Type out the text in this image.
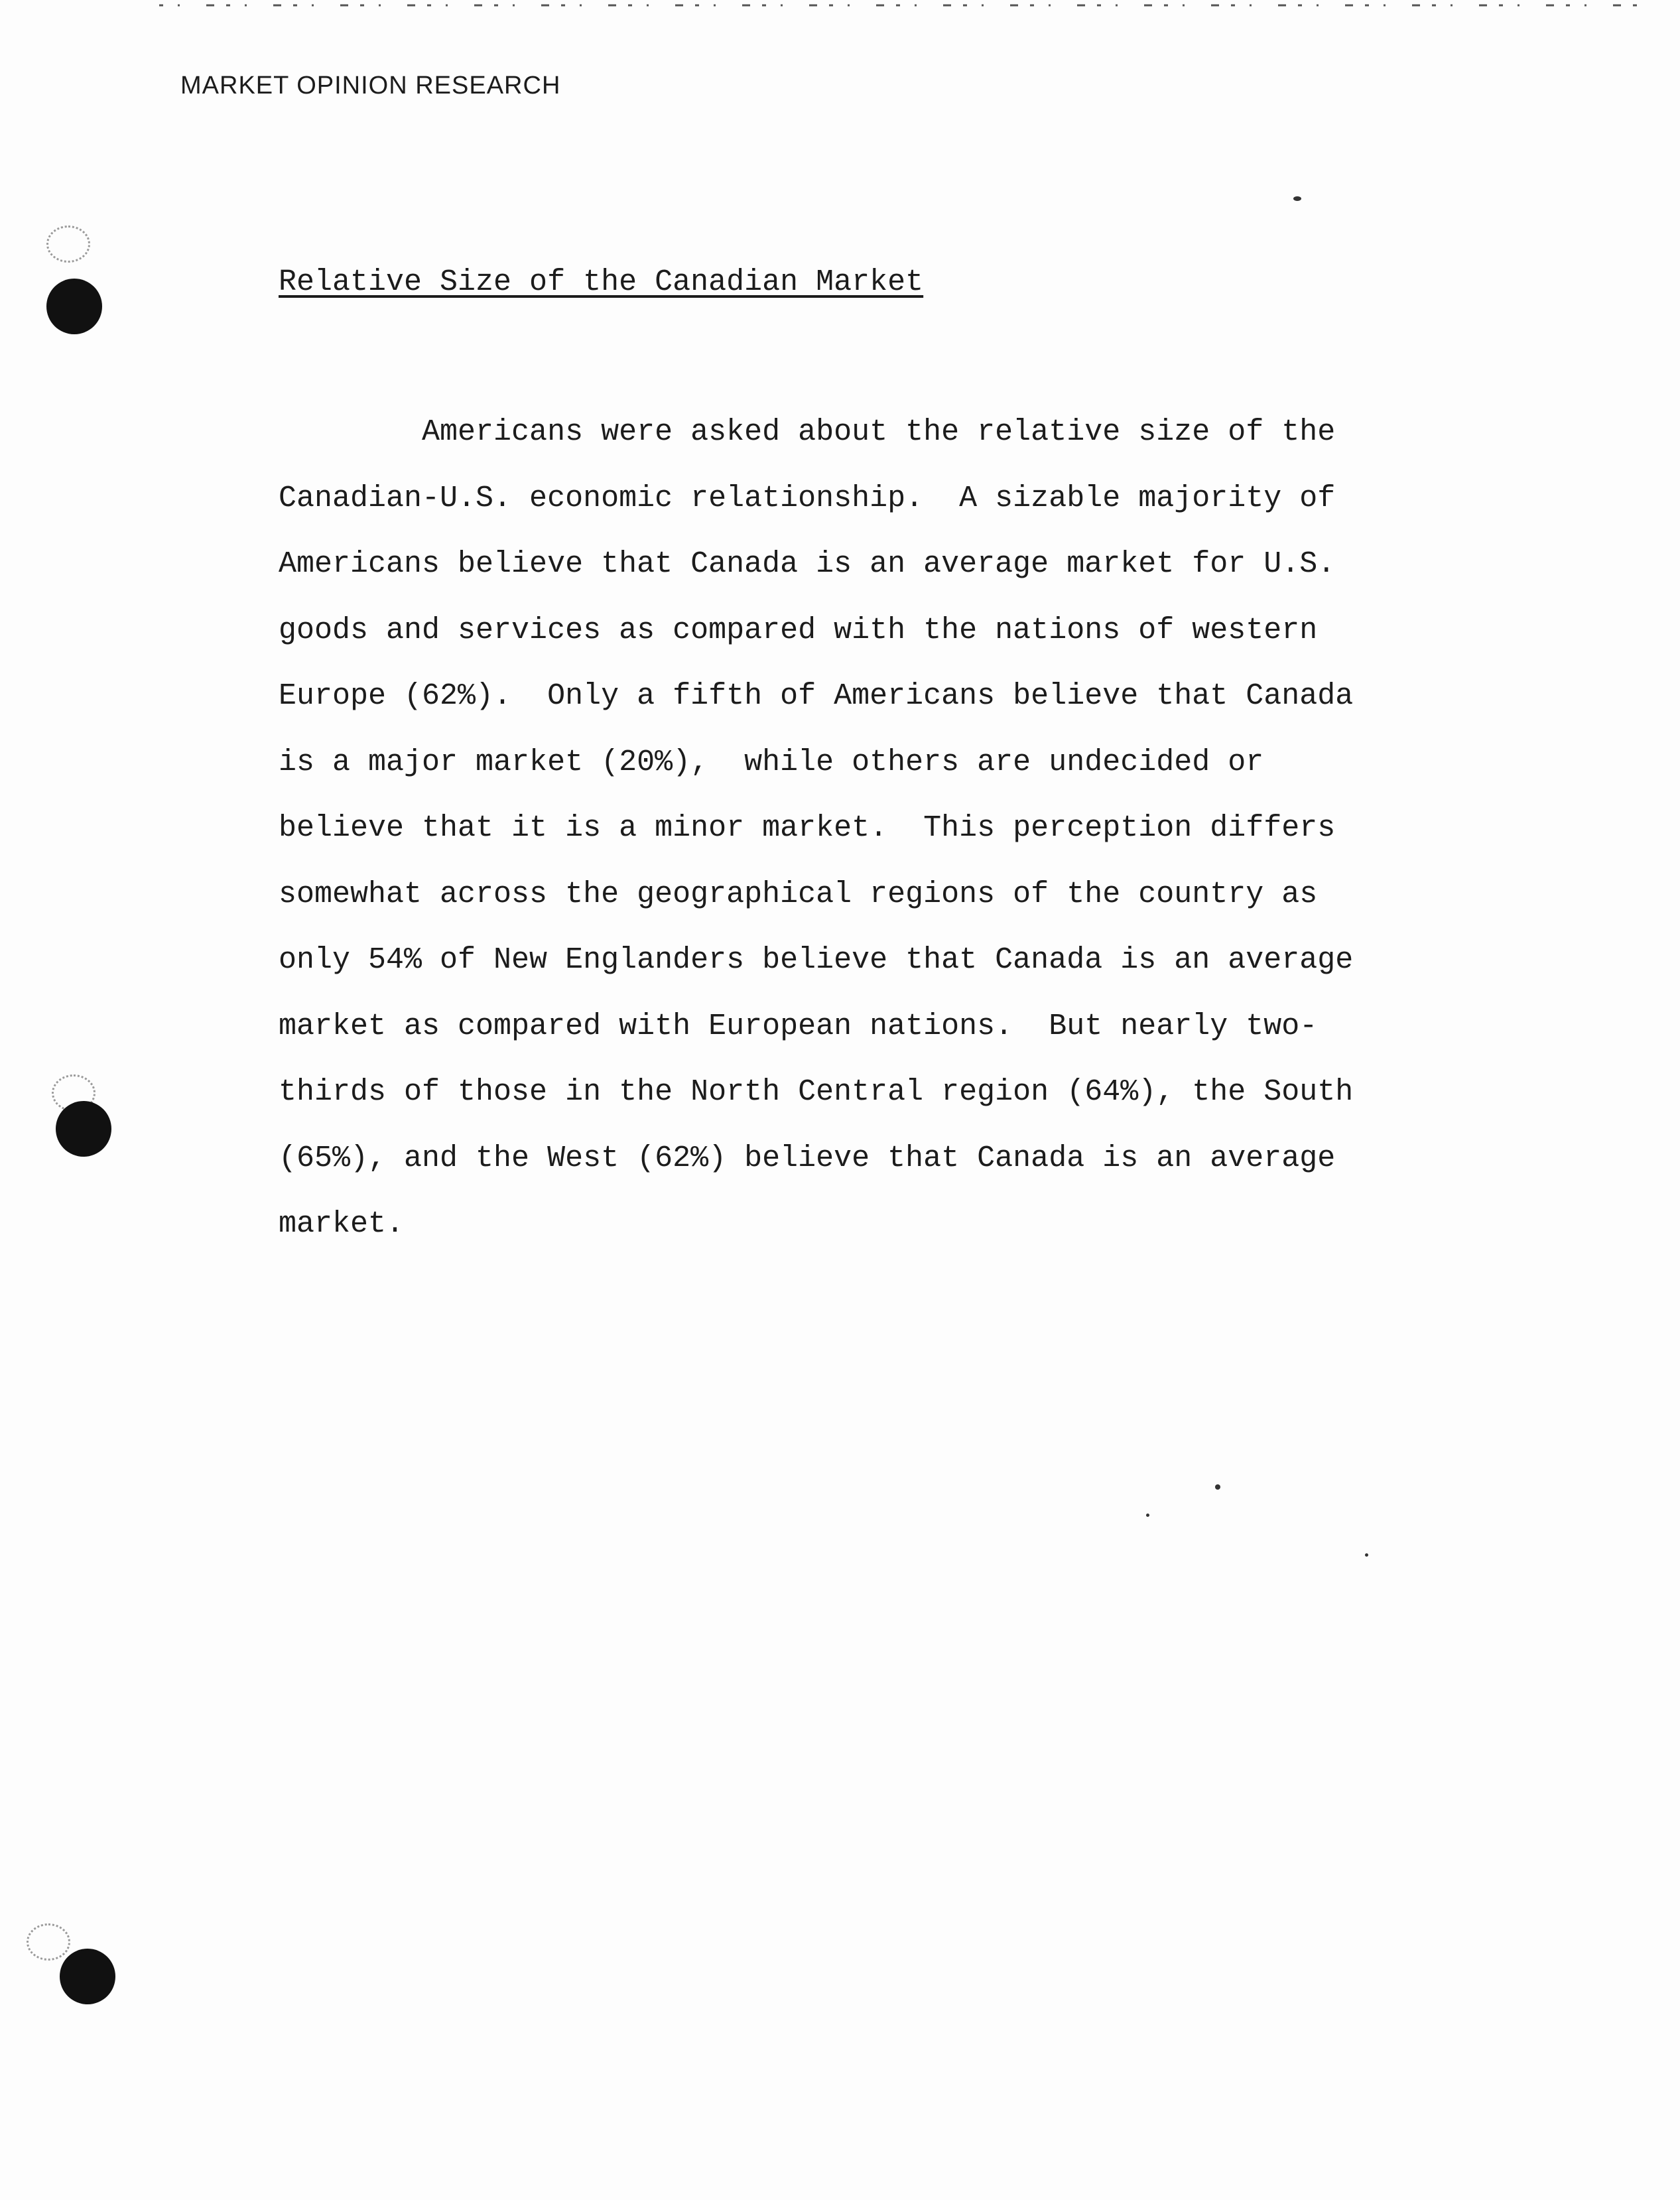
MARKET OPINION RESEARCH
Relative Size of the Canadian Market
Americans were asked about the relative size of the
Canadian-U.S. economic relationship.  A sizable majority of
Americans believe that Canada is an average market for U.S.
goods and services as compared with the nations of western
Europe (62%).  Only a fifth of Americans believe that Canada
is a major market (20%),  while others are undecided or
believe that it is a minor market.  This perception differs
somewhat across the geographical regions of the country as
only 54% of New Englanders believe that Canada is an average
market as compared with European nations.  But nearly two-
thirds of those in the North Central region (64%), the South
(65%), and the West (62%) believe that Canada is an average
market.
